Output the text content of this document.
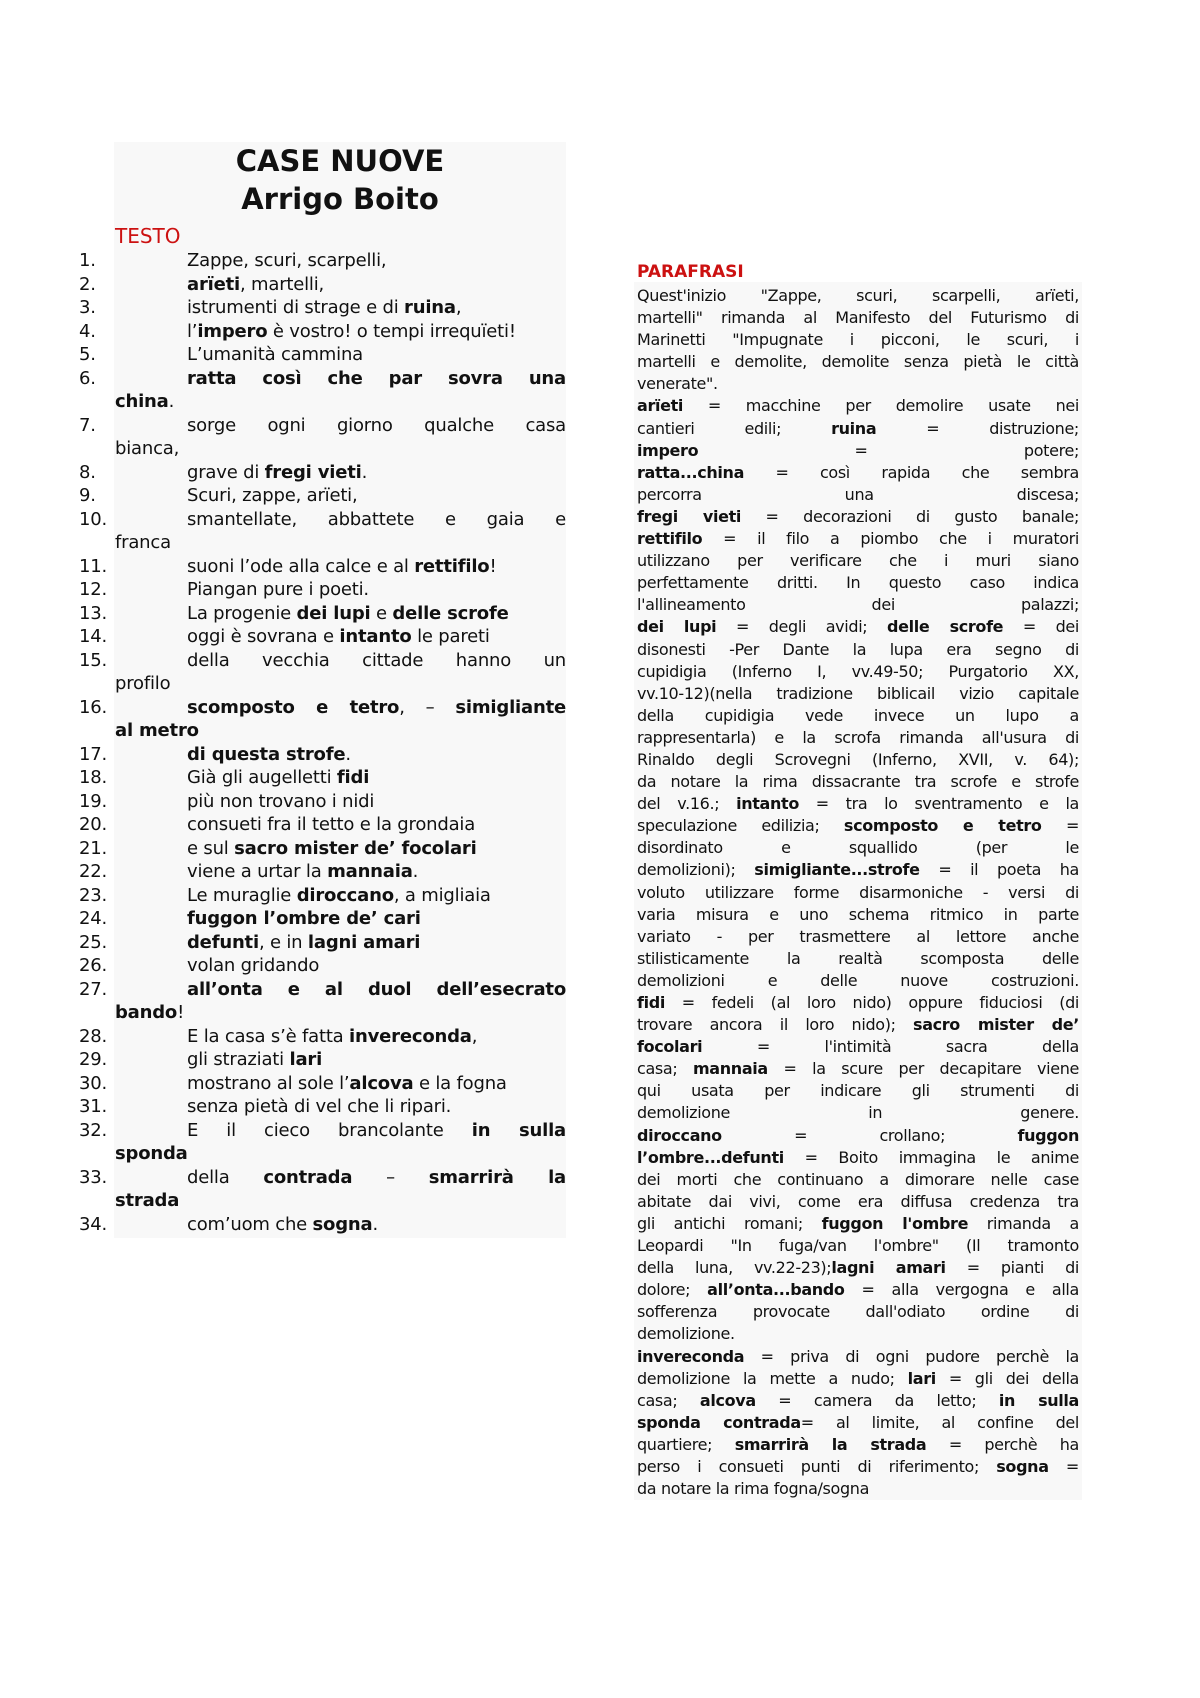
CASE NUOVE
Arrigo Boito
TESTO
1.	Zappe, scuri, scarpelli,
2.	arïeti, martelli,
3.	istrumenti di strage e di ruina,
4.	l’impero è vostro! o tempi irrequïeti!
5.	L’umanità cammina
6.	ratta così che par sovra una
china.
7.	sorge ogni giorno qualche casa
bianca,
8.	grave di fregi vieti.
9.	Scuri, zappe, arïeti,
10.	smantellate, abbattete e gaia e
franca
11.	suoni l’ode alla calce e al rettifilo!
12.	Piangan pure i poeti.
13.	La progenie dei lupi e delle scrofe
14.	oggi è sovrana e intanto le pareti
15.	della vecchia cittade hanno un
profilo
16.	scomposto e tetro, – simigliante
al metro
17.	di questa strofe.
18.	Già gli augelletti fidi
19.	più non trovano i nidi
20.	consueti fra il tetto e la grondaia
21.	e sul sacro mister de’ focolari
22.	viene a urtar la mannaia.
23.	Le muraglie diroccano, a migliaia
24.	fuggon l’ombre de’ cari
25.	defunti, e in lagni amari
26.	volan gridando
27.	all’onta e al duol dell’esecrato
bando!
28.	E la casa s’è fatta invereconda,
29.	gli straziati lari
30.	mostrano al sole l’alcova e la fogna
31.	senza pietà di vel che li ripari.
32.	E il cieco brancolante in sulla
sponda
33.	della contrada – smarrirà la
strada
34.	com’uom che sogna.
PARAFRASI
Quest'inizio "Zappe, scuri, scarpelli, arïeti,
martelli" rimanda al Manifesto del Futurismo di
Marinetti "Impugnate i picconi, le scuri, i
martelli e demolite, demolite senza pietà le città
venerate".
arïeti = macchine per demolire usate nei
cantieri edili; ruina = distruzione;
impero = potere;
ratta...china = così rapida che sembra
percorra una discesa;
fregi vieti = decorazioni di gusto banale;
rettifilo = il filo a piombo che i muratori
utilizzano per verificare che i muri siano
perfettamente dritti. In questo caso indica
l'allineamento dei palazzi;
dei lupi = degli avidi; delle scrofe = dei
disonesti -Per Dante la lupa era segno di
cupidigia (Inferno I, vv.49-50; Purgatorio XX,
vv.10-12)(nella tradizione biblicail vizio capitale
della cupidigia vede invece un lupo a
rappresentarla) e la scrofa rimanda all'usura di
Rinaldo degli Scrovegni (Inferno, XVII, v. 64);
da notare la rima dissacrante tra scrofe e strofe
del v.16.; intanto = tra lo sventramento e la
speculazione edilizia; scomposto e tetro =
disordinato e squallido (per le
demolizioni); simigliante...strofe = il poeta ha
voluto utilizzare forme disarmoniche - versi di
varia misura e uno schema ritmico in parte
variato - per trasmettere al lettore anche
stilisticamente la realtà scomposta delle
demolizioni e delle nuove costruzioni.
fidi = fedeli (al loro nido) oppure fiduciosi (di
trovare ancora il loro nido); sacro mister de’
focolari = l'intimità sacra della
casa; mannaia = la scure per decapitare viene
qui usata per indicare gli strumenti di
demolizione in genere.
diroccano = crollano; fuggon
l’ombre...defunti = Boito immagina le anime
dei morti che continuano a dimorare nelle case
abitate dai vivi, come era diffusa credenza tra
gli antichi romani; fuggon l'ombre rimanda a
Leopardi "In fuga/van l'ombre" (Il tramonto
della luna, vv.22-23);lagni amari = pianti di
dolore; all’onta...bando = alla vergogna e alla
sofferenza provocate dall'odiato ordine di
demolizione.
invereconda = priva di ogni pudore perchè la
demolizione la mette a nudo; lari = gli dei della
casa; alcova = camera da letto; in sulla
sponda contrada= al limite, al confine del
quartiere; smarrirà la strada = perchè ha
perso i consueti punti di riferimento; sogna =
da notare la rima fogna/sogna
